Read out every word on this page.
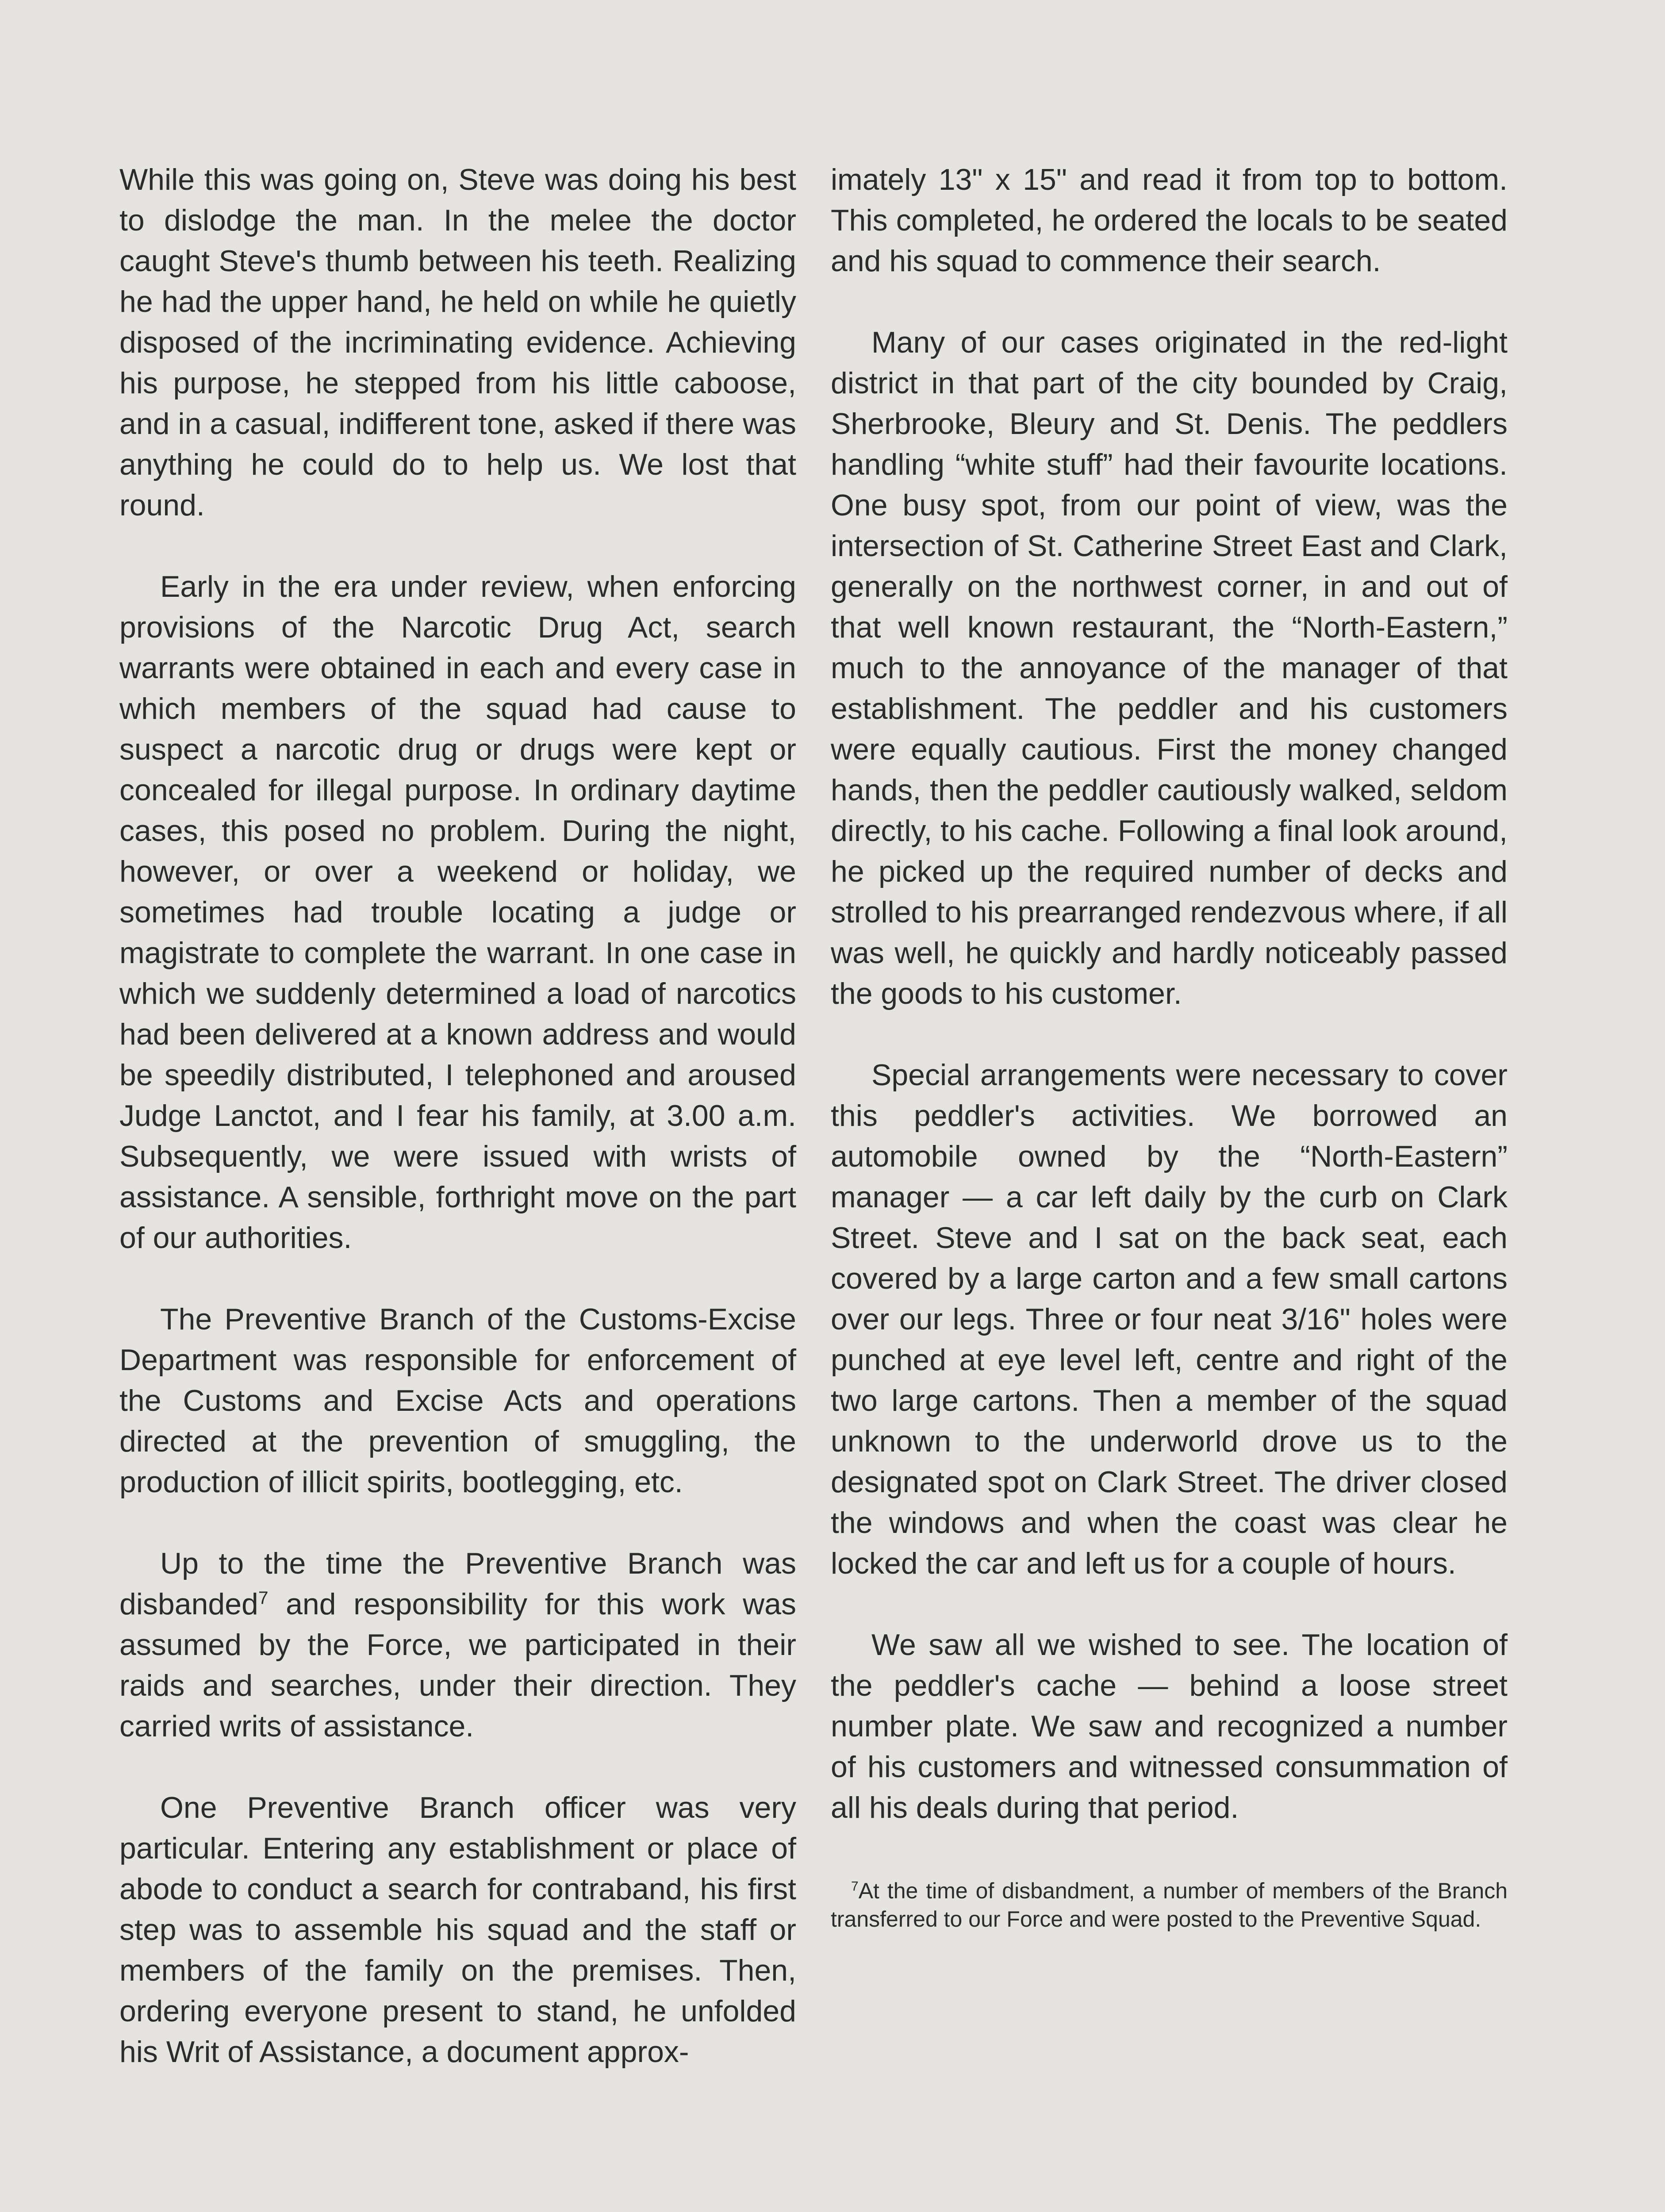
While this was going on, Steve was doing his best to dislodge the man. In the melee the doctor caught Steve's thumb between his teeth. Realizing he had the upper hand, he held on while he quietly disposed of the incriminating evidence. Achieving his purpose, he stepped from his little caboose, and in a casual, indifferent tone, asked if there was anything he could do to help us. We lost that round.

Early in the era under review, when enforcing provisions of the Narcotic Drug Act, search warrants were obtained in each and every case in which members of the squad had cause to suspect a narcotic drug or drugs were kept or concealed for illegal purpose. In ordinary daytime cases, this posed no problem. During the night, however, or over a weekend or holiday, we sometimes had trouble locating a judge or magistrate to complete the warrant. In one case in which we suddenly determined a load of narcotics had been delivered at a known address and would be speedily distributed, I telephoned and aroused Judge Lanctot, and I fear his family, at 3.00 a.m. Subsequently, we were issued with wrists of assistance. A sensible, forthright move on the part of our authorities.

The Preventive Branch of the Customs-Excise Department was responsible for enforcement of the Customs and Excise Acts and operations directed at the prevention of smuggling, the production of illicit spirits, bootlegging, etc.

Up to the time the Preventive Branch was disbanded$^7$ and responsibility for this work was assumed by the Force, we participated in their raids and searches, under their direction. They carried writs of assistance.

One Preventive Branch officer was very particular. Entering any establishment or place of abode to conduct a search for contraband, his first step was to assemble his squad and the staff or members of the family on the premises. Then, ordering everyone present to stand, he unfolded his Writ of Assistance, a document approx-

imately 13" x 15" and read it from top to bottom. This completed, he ordered the locals to be seated and his squad to commence their search.

Many of our cases originated in the red-light district in that part of the city bounded by Craig, Sherbrooke, Bleury and St. Denis. The peddlers handling “white stuff” had their favourite locations. One busy spot, from our point of view, was the intersection of St. Catherine Street East and Clark, generally on the northwest corner, in and out of that well known restaurant, the “North-Eastern,” much to the annoyance of the manager of that establishment. The peddler and his customers were equally cautious. First the money changed hands, then the peddler cautiously walked, seldom directly, to his cache. Following a final look around, he picked up the required number of decks and strolled to his prearranged rendezvous where, if all was well, he quickly and hardly noticeably passed the goods to his customer.

Special arrangements were necessary to cover this peddler's activities. We borrowed an automobile owned by the “North-Eastern” manager — a car left daily by the curb on Clark Street. Steve and I sat on the back seat, each covered by a large carton and a few small cartons over our legs. Three or four neat 3/16" holes were punched at eye level left, centre and right of the two large cartons. Then a member of the squad unknown to the underworld drove us to the designated spot on Clark Street. The driver closed the windows and when the coast was clear he locked the car and left us for a couple of hours.

We saw all we wished to see. The location of the peddler's cache — behind a loose street number plate. We saw and recognized a number of his customers and witnessed consummation of all his deals during that period.

$^7$At the time of disbandment, a number of members of the Branch transferred to our Force and were posted to the Preventive Squad.
